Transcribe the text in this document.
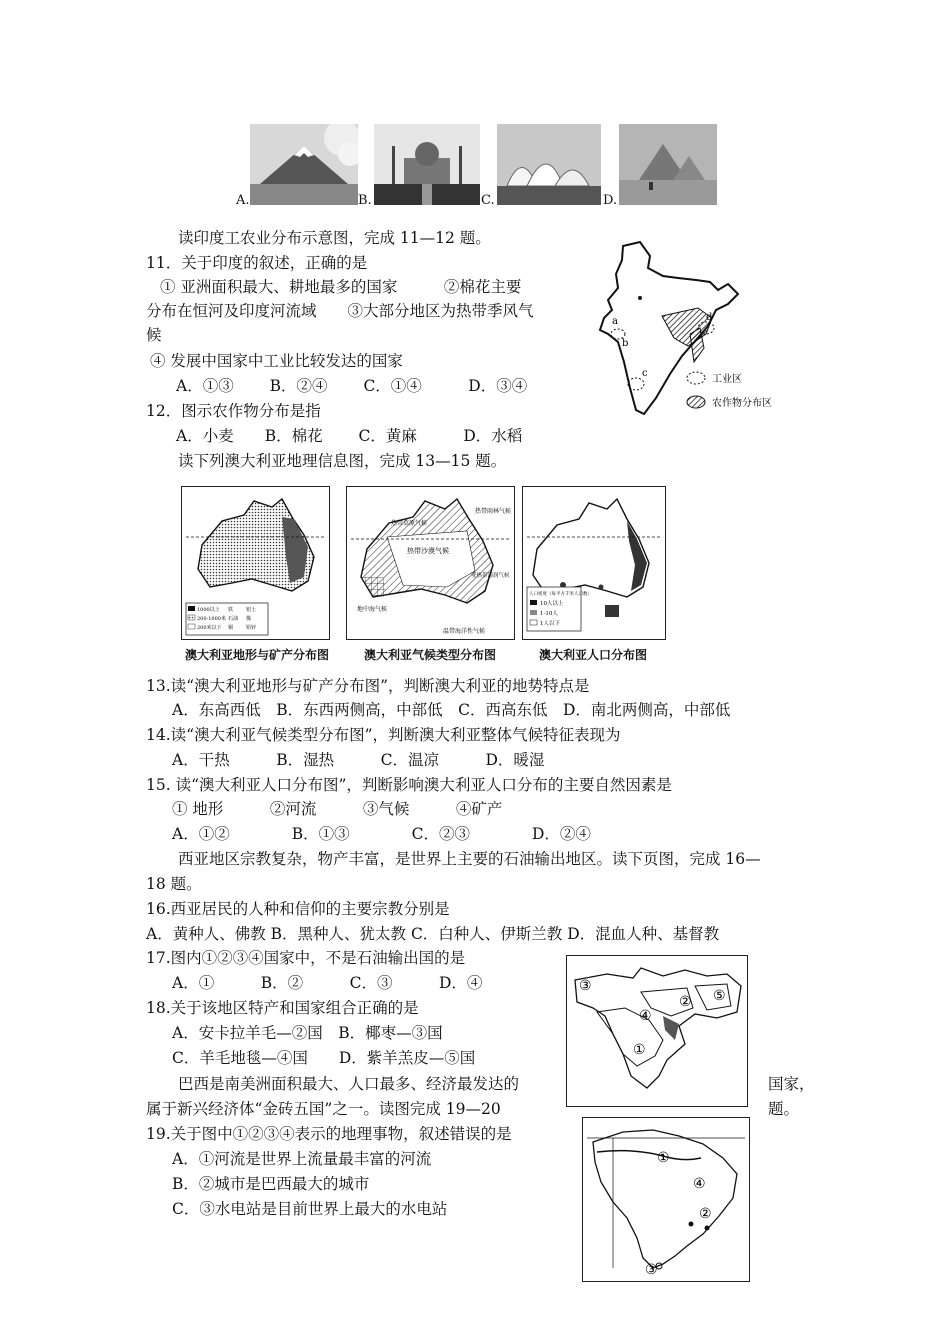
A.	B.	C.	D.
读印度工农业分布示意图，完成 11—12 题。
11．关于印度的叙述，正确的是
① 亚洲面积最大、耕地最多的国家　　　②棉花主要
分布在恒河及印度河流域　　③大部分地区为热带季风气
候
④ 发展中国家中工业比较发达的国家
A．①③　　 B．②④　　 C．①④　　　D．③④
12．图示农作物分布是指
A．小麦　　B．棉花　　 C．黄麻　　　D．水稻
a
b
c
d
工业区
农作物分布区
读下列澳大利亚地理信息图，完成 13—15 题。
1000以上 铁	铝土
200-1000米 石油 煤
200米以下 铜	铅锌
澳大利亚地形与矿产分布图
热带雨林气候
热带草原气候
热带沙漠气候
亚热带湿润气候
地中海气候
温带海洋性气候
澳大利亚气候类型分布图
人口密度（每平方千米人口数）
10人以上
1-10人
1人以下
澳大利亚人口分布图
13.读“澳大利亚地形与矿产分布图”，判断澳大利亚的地势特点是
A．东高西低　B．东西两侧高，中部低　C．西高东低　D．南北两侧高，中部低
14.读“澳大利亚气候类型分布图”，判断澳大利亚整体气候特征表现为
A．干热　　　B．湿热　　　C．温凉　　　D．暖湿
15. 读“澳大利亚人口分布图”，判断影响澳大利亚人口分布的主要自然因素是
① 地形　　　②河流　　　③气候　　　④矿产
A．①②　　　　B．①③　　　　C．②③　　　　D．②④
西亚地区宗教复杂，物产丰富，是世界上主要的石油输出地区。读下页图，完成 16—
18 题。
16.西亚居民的人种和信仰的主要宗教分别是
A．黄种人、佛教 B．黑种人、犹太教 C．白种人、伊斯兰教 D．混血人种、基督教
17.图内①②③④国家中，不是石油输出国的是
A．①　　　B．②　　　C．③　　　D．④
18.关于该地区特产和国家组合正确的是
A．安卡拉羊毛—②国　B．椰枣—③国
C．羊毛地毯—④国　　D．紫羊羔皮—⑤国
③
② ⑤
④
①
巴西是南美洲面积最大、人口最多、经济最发达的	国家，
属于新兴经济体“金砖五国”之一。读图完成 19—20	题。
19.关于图中①②③④表示的地理事物，叙述错误的是
A．①河流是世界上流量最丰富的河流
B．②城市是巴西最大的城市
C．③水电站是目前世界上最大的水电站
①
④
②
③
